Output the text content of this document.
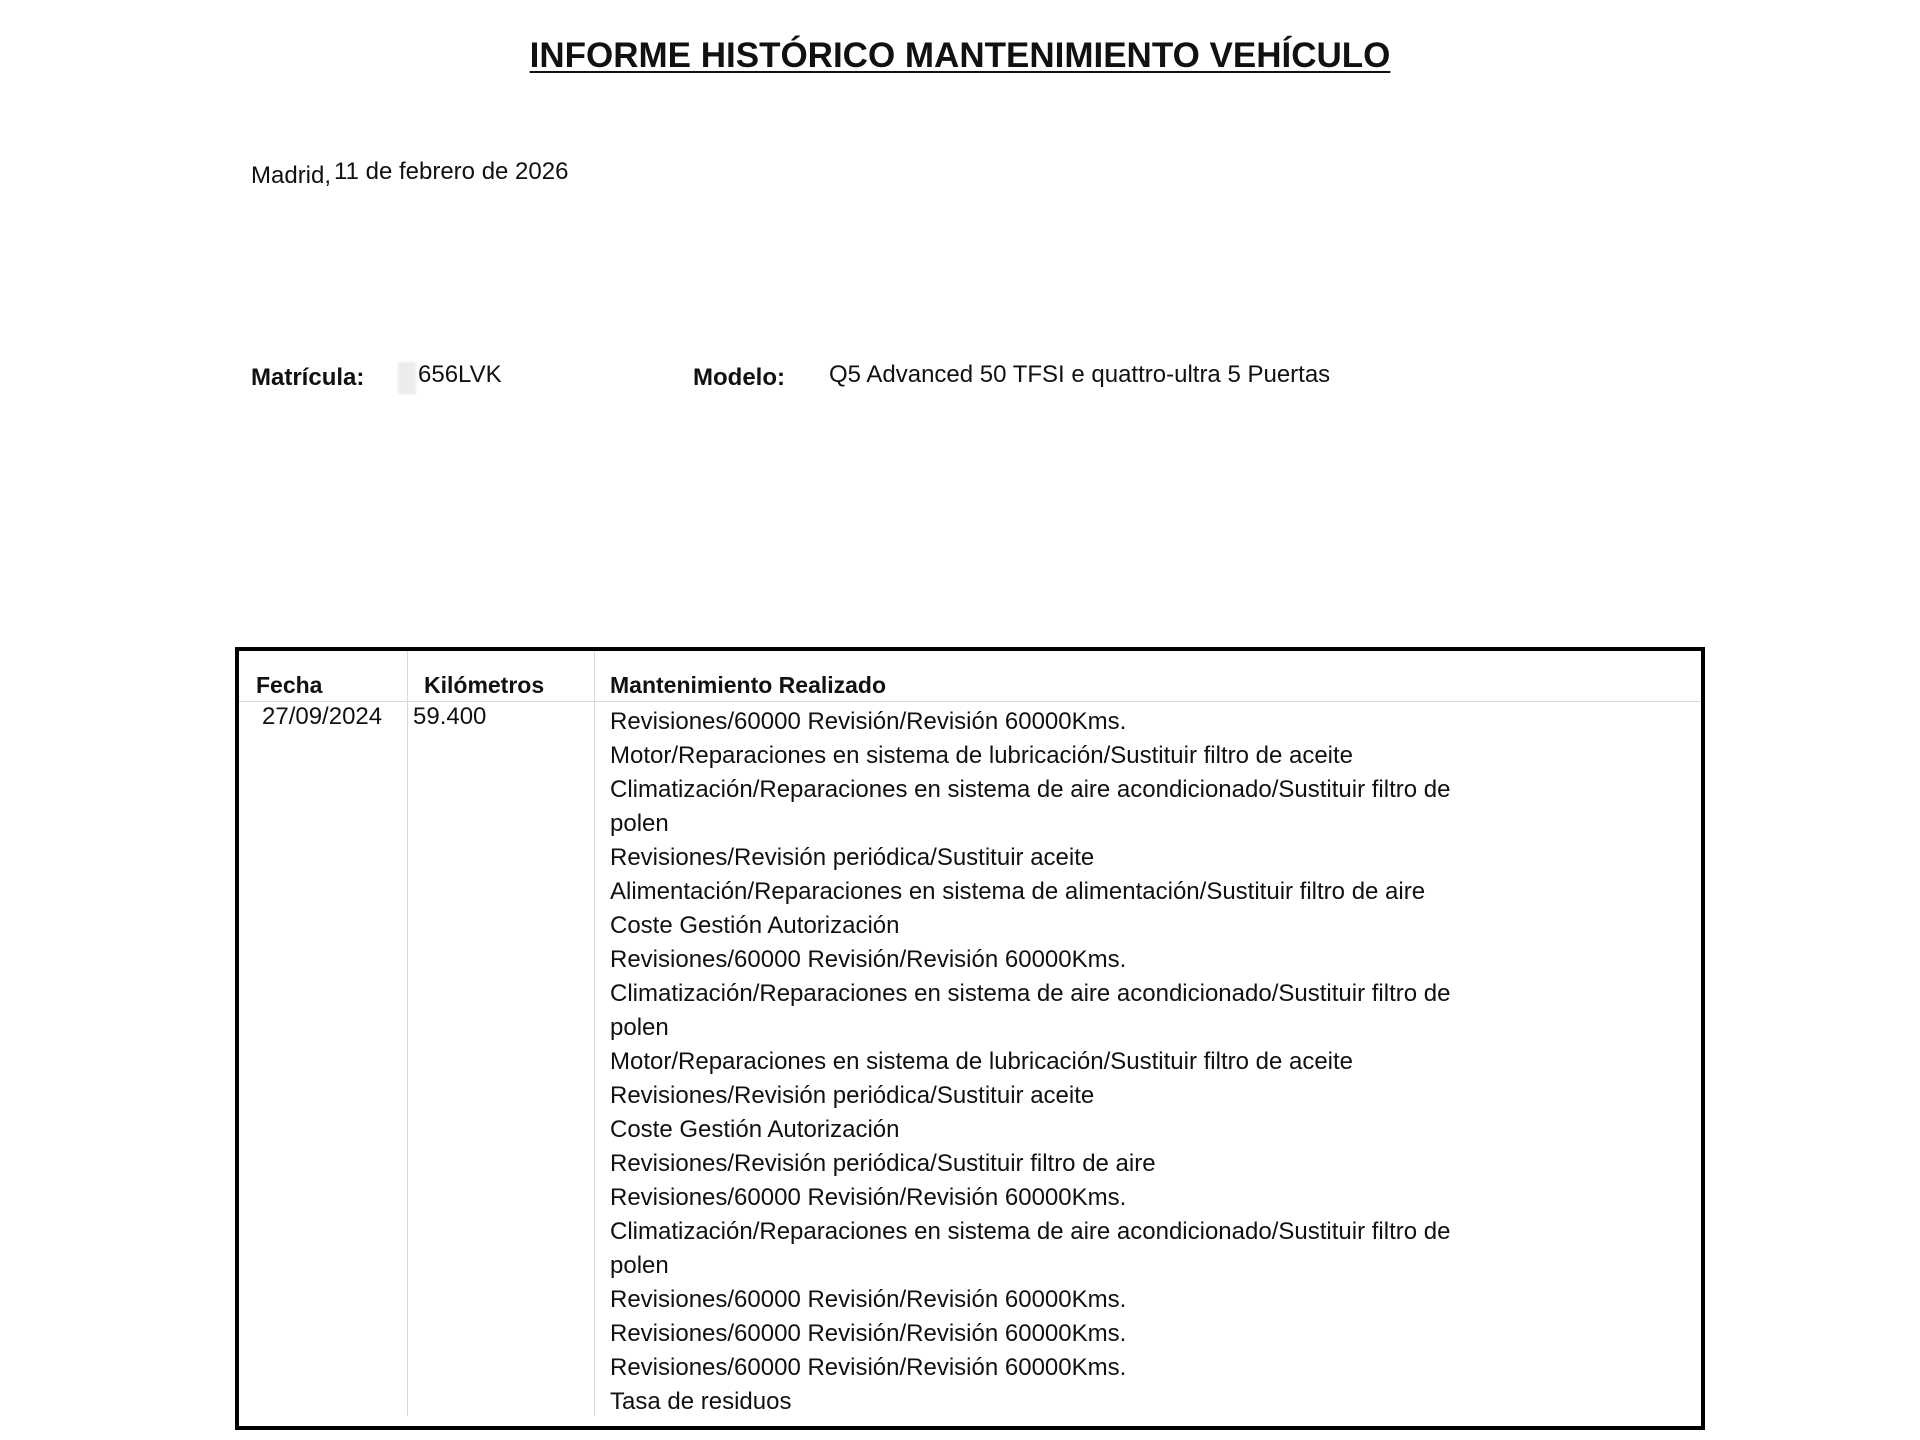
INFORME HISTÓRICO MANTENIMIENTO VEHÍCULO
Madrid, 11 de febrero de 2026
Matrícula: 656LVK	Modelo: Q5 Advanced 50 TFSI e quattro-ultra 5 Puertas
Fecha	Kilómetros	Mantenimiento Realizado
27/09/2024 59.400	Revisiones/60000 Revisión/Revisión 60000Kms.
Motor/Reparaciones en sistema de lubricación/Sustituir filtro de aceite
Climatización/Reparaciones en sistema de aire acondicionado/Sustituir filtro de
polen
Revisiones/Revisión periódica/Sustituir aceite
Alimentación/Reparaciones en sistema de alimentación/Sustituir filtro de aire
Coste Gestión Autorización
Revisiones/60000 Revisión/Revisión 60000Kms.
Climatización/Reparaciones en sistema de aire acondicionado/Sustituir filtro de
polen
Motor/Reparaciones en sistema de lubricación/Sustituir filtro de aceite
Revisiones/Revisión periódica/Sustituir aceite
Coste Gestión Autorización
Revisiones/Revisión periódica/Sustituir filtro de aire
Revisiones/60000 Revisión/Revisión 60000Kms.
Climatización/Reparaciones en sistema de aire acondicionado/Sustituir filtro de
polen
Revisiones/60000 Revisión/Revisión 60000Kms.
Revisiones/60000 Revisión/Revisión 60000Kms.
Revisiones/60000 Revisión/Revisión 60000Kms.
Tasa de residuos
